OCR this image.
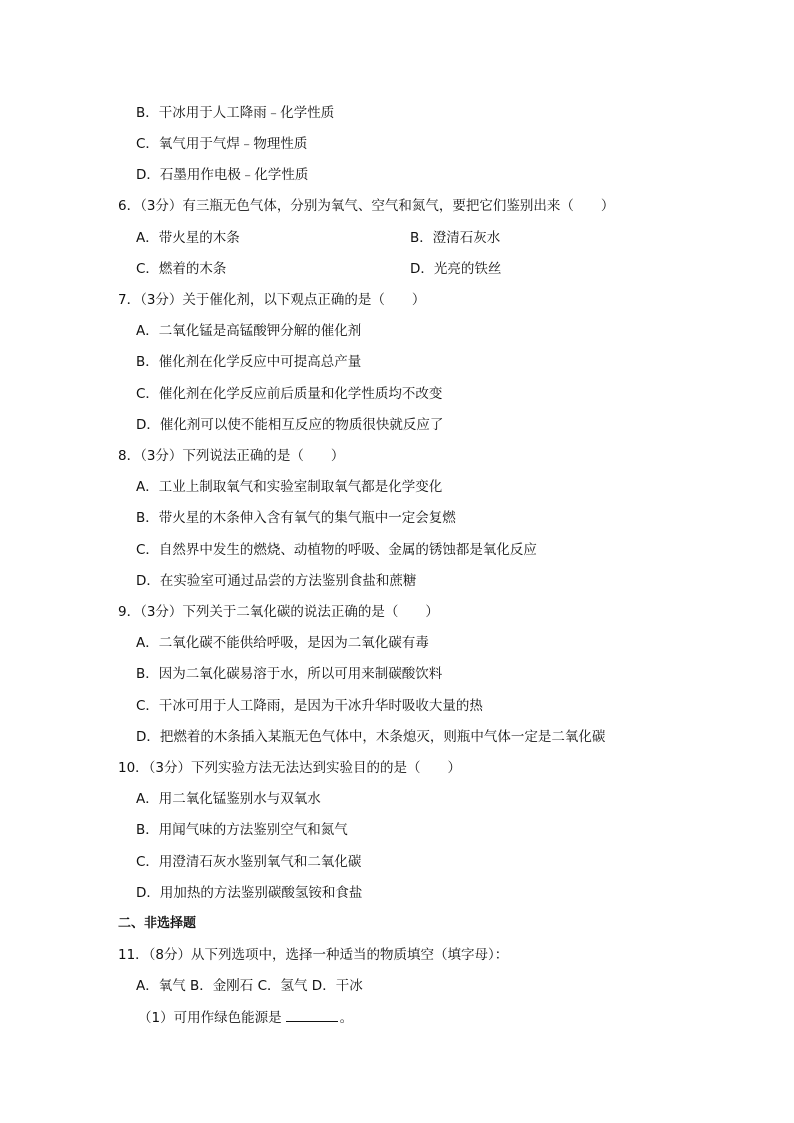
B．干冰用于人工降雨﹣化学性质
C．氧气用于气焊﹣物理性质
D．石墨用作电极﹣化学性质
6．（3分）有三瓶无色气体，分别为氧气、空气和氮气，要把它们鉴别出来（　　）
A．带火星的木条	B．澄清石灰水
C．燃着的木条	D．光亮的铁丝
7．（3分）关于催化剂，以下观点正确的是（　　）
A．二氧化锰是高锰酸钾分解的催化剂
B．催化剂在化学反应中可提高总产量
C．催化剂在化学反应前后质量和化学性质均不改变
D．催化剂可以使不能相互反应的物质很快就反应了
8．（3分）下列说法正确的是（　　）
A．工业上制取氧气和实验室制取氧气都是化学变化
B．带火星的木条伸入含有氧气的集气瓶中一定会复燃
C．自然界中发生的燃烧、动植物的呼吸、金属的锈蚀都是氧化反应
D．在实验室可通过品尝的方法鉴别食盐和蔗糖
9．（3分）下列关于二氧化碳的说法正确的是（　　）
A．二氧化碳不能供给呼吸，是因为二氧化碳有毒
B．因为二氧化碳易溶于水，所以可用来制碳酸饮料
C．干冰可用于人工降雨，是因为干冰升华时吸收大量的热
D．把燃着的木条插入某瓶无色气体中，木条熄灭，则瓶中气体一定是二氧化碳
10．（3分）下列实验方法无法达到实验目的的是（　　）
A．用二氧化锰鉴别水与双氧水
B．用闻气味的方法鉴别空气和氮气
C．用澄清石灰水鉴别氧气和二氧化碳
D．用加热的方法鉴别碳酸氢铵和食盐
二、非选择题
11．（8分）从下列选项中，选择一种适当的物质填空（填字母）：
A．氧气 B．金刚石 C．氢气 D．干冰
（1）可用作绿色能源是	。
